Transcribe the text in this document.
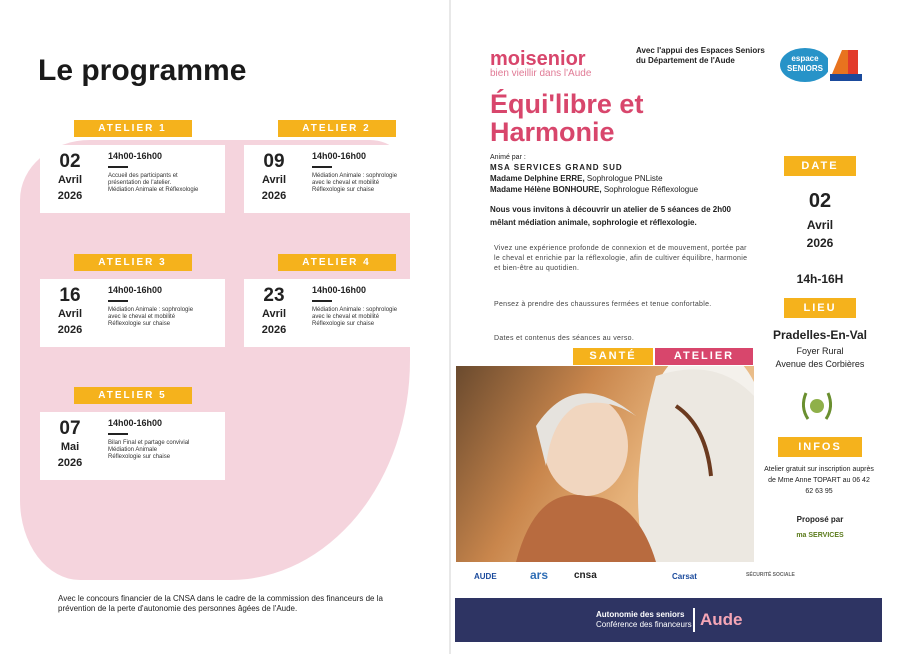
Le programme
ATELIER 1
02
Avril
2026
14h00-16h00
Accueil des participants et
présentation de l'atelier.
Médiation Animale et Réflexologie
ATELIER 2
09
Avril
2026
14h00-16h00
Médiation Animale : sophrologie
avec le cheval et mobilité
Réflexologie sur chaise
ATELIER 3
16
Avril
2026
14h00-16h00
Médiation Animale : sophrologie
avec le cheval et mobilité
Réflexologie sur chaise
ATELIER 4
23
Avril
2026
14h00-16h00
Médiation Animale : sophrologie
avec le cheval et mobilité
Réflexologie sur chaise
ATELIER 5
07
Mai
2026
14h00-16h00
Bilan Final et partage convivial
Médiation Animale
Réflexologie sur chaise
Avec le concours financier de la CNSA dans le cadre de la commission des financeurs de la prévention de la perte d'autonomie des personnes âgées de l'Aude.
moisenior
bien vieillir dans l'Aude
Avec l'appui des Espaces Seniors du Département de l'Aude	espace SENIORS
Équi'libre et
Harmonie
Animé par :
MSA SERVICES GRAND SUD
Madame Delphine ERRE, Sophrologue PNListe
Madame Hélène BONHOURE, Sophrologue Réflexologue
Nous vous invitons à découvrir un atelier de 5 séances de 2h00 mêlant médiation animale, sophrologie et réflexologie.
Vivez une expérience profonde de connexion et de mouvement, portée par le cheval et enrichie par la réflexologie, afin de cultiver équilibre, harmonie et bien-être au quotidien.
Pensez à prendre des chaussures fermées et tenue confortable.
Dates et contenus des séances au verso.
SANTÉ	ATELIER
DATE
02
Avril
2026
14h-16H
LIEU
Pradelles-En-Val
Foyer Rural
Avenue des Corbières
INFOS
Atelier gratuit sur inscription auprès de Mme Anne TOPART au 06 42 62 63 95
Proposé par
ma SERVICES
AUDE	ars	cnsa	Carsat	SÉCURITÉ SOCIALE
Autonomie des seniors
Conférence des financeurs Aude
